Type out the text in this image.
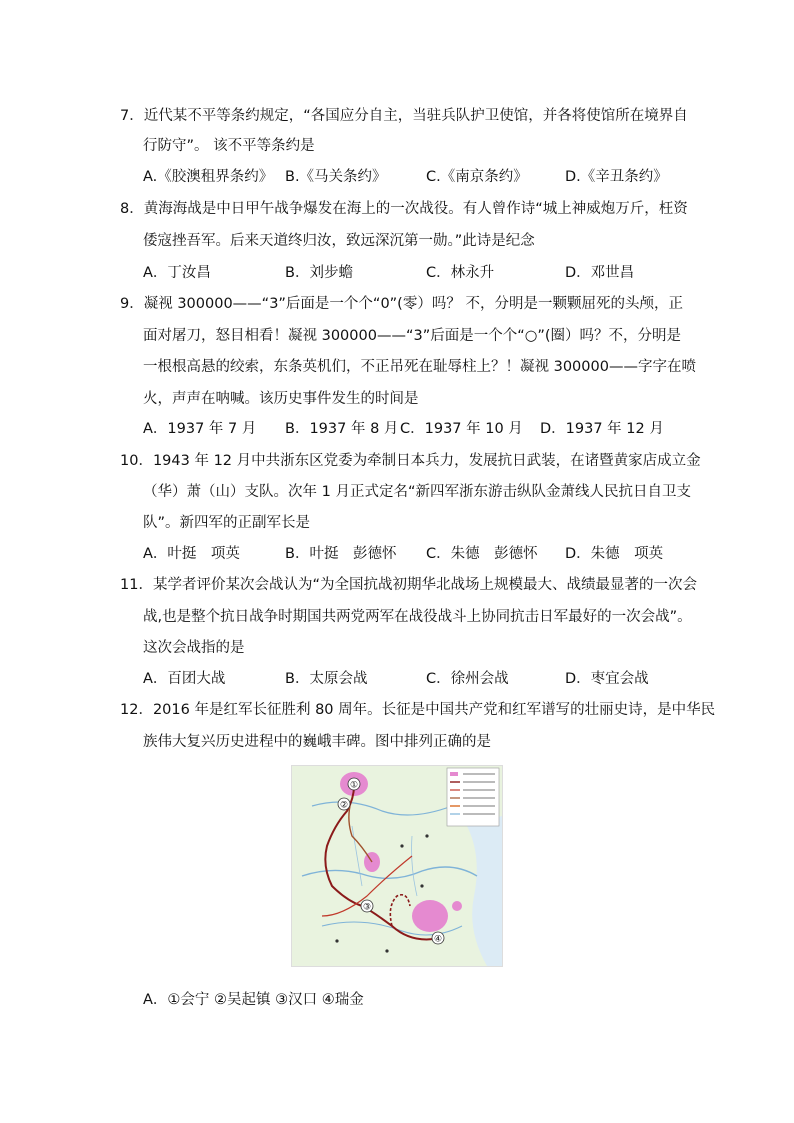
7．近代某不平等条约规定，“各国应分自主，当驻兵队护卫使馆，并各将使馆所在境界自
行防守”。 该不平等条约是
A.《胶澳租界条约》 B.《马关条约》	C.《南京条约》	D.《辛丑条约》
8．黄海海战是中日甲午战争爆发在海上的一次战役。有人曾作诗“城上神威炮万斤，枉资
倭寇挫吾军。后来天道终归汝，致远深沉第一勋。”此诗是纪念
A．丁汝昌	B．刘步蟾	C．林永升	D．邓世昌
9．凝视 300000——“3”后面是一个个“0”(零）吗？ 不，分明是一颗颗屈死的头颅，正
面对屠刀，怒目相看！凝视 300000——“3”后面是一个个“○”(圈）吗？不，分明是
一根根高悬的绞索，东条英机们，不正吊死在耻辱柱上？！凝视 300000——字字在喷
火，声声在呐喊。该历史事件发生的时间是
A．1937 年 7 月 B．1937 年 8 月 C．1937 年 10 月 D．1937 年 12 月
10．1943 年 12 月中共浙东区党委为牵制日本兵力，发展抗日武装，在诸暨黄家店成立金
（华）萧（山）支队。次年 1 月正式定名“新四军浙东游击纵队金萧线人民抗日自卫支
队”。新四军的正副军长是
A．叶挺　项英	B．叶挺　彭德怀 C．朱德　彭德怀 D．朱德　项英
11．某学者评价某次会战认为“为全国抗战初期华北战场上规模最大、战绩最显著的一次会
战,也是整个抗日战争时期国共两党两军在战役战斗上协同抗击日军最好的一次会战”。
这次会战指的是
A．百团大战	B．太原会战	C．徐州会战	D．枣宜会战
12．2016 年是红军长征胜利 80 周年。长征是中国共产党和红军谱写的壮丽史诗，是中华民
族伟大复兴历史进程中的巍峨丰碑。图中排列正确的是
①
②
③
④
A．①会宁 ②吴起镇 ③汉口 ④瑞金
